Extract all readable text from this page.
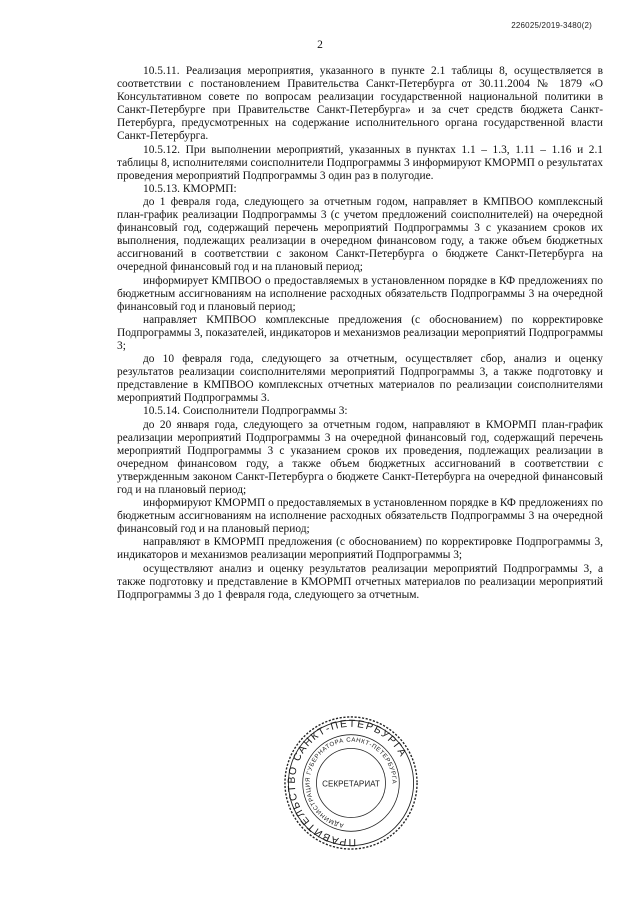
226025/2019-3480(2)
2

10.5.11. Реализация мероприятия, указанного в пункте 2.1 таблицы 8, осуществляется в соответствии с постановлением Правительства Санкт-Петербурга от 30.11.2004 № 1879 «О Консультативном совете по вопросам реализации государственной национальной политики в Санкт-Петербурге при Правительстве Санкт-Петербурга» и за счет средств бюджета Санкт-Петербурга, предусмотренных на содержание исполнительного органа государственной власти Санкт-Петербурга.

10.5.12. При выполнении мероприятий, указанных в пунктах 1.1 – 1.3, 1.11 – 1.16 и 2.1 таблицы 8, исполнителями соисполнители Подпрограммы 3 информируют КМОРМП о результатах проведения мероприятий Подпрограммы 3 один раз в полугодие.

10.5.13. КМОРМП:

до 1 февраля года, следующего за отчетным годом, направляет в КМПВОО комплексный план-график реализации Подпрограммы 3 (с учетом предложений соисполнителей) на очередной финансовый год, содержащий перечень мероприятий Подпрограммы 3 с указанием сроков их выполнения, подлежащих реализации в очередном финансовом году, а также объем бюджетных ассигнований в соответствии с законом Санкт-Петербурга о бюджете Санкт-Петербурга на очередной финансовый год и на плановый период;

информирует КМПВОО о предоставляемых в установленном порядке в КФ предложениях по бюджетным ассигнованиям на исполнение расходных обязательств Подпрограммы 3 на очередной финансовый год и плановый период;

направляет КМПВОО комплексные предложения (с обоснованием) по корректировке Подпрограммы 3, показателей, индикаторов и механизмов реализации мероприятий Подпрограммы 3;

до 10 февраля года, следующего за отчетным, осуществляет сбор, анализ и оценку результатов реализации соисполнителями мероприятий Подпрограммы 3, а также подготовку и представление в КМПВОО комплексных отчетных материалов по реализации соисполнителями мероприятий Подпрограммы 3.

10.5.14. Соисполнители Подпрограммы 3:

до 20 января года, следующего за отчетным годом, направляют в КМОРМП план-график реализации мероприятий Подпрограммы 3 на очередной финансовый год, содержащий перечень мероприятий Подпрограммы 3 с указанием сроков их проведения, подлежащих реализации в очередном финансовом году, а также объем бюджетных ассигнований в соответствии с утвержденным законом Санкт-Петербурга о бюджете Санкт-Петербурга на очередной финансовый год и на плановый период;

информируют КМОРМП о предоставляемых в установленном порядке в КФ предложениях по бюджетным ассигнованиям на исполнение расходных обязательств Подпрограммы 3 на очередной финансовый год и на плановый период;

направляют в КМОРМП предложения (с обоснованием) по корректировке Подпрограммы 3, индикаторов и механизмов реализации мероприятий Подпрограммы 3;

осуществляют анализ и оценку результатов реализации мероприятий Подпрограммы 3, а также подготовку и представление в КМОРМП отчетных материалов по реализации мероприятий Подпрограммы 3 до 1 февраля года, следующего за отчетным.

ПРАВИТЕЛЬСТВО САНКТ-ПЕТЕРБУРГА
АДМИНИСТРАЦИЯ ГУБЕРНАТОРА САНКТ-ПЕТЕРБУРГА
СЕКРЕТАРИАТ
